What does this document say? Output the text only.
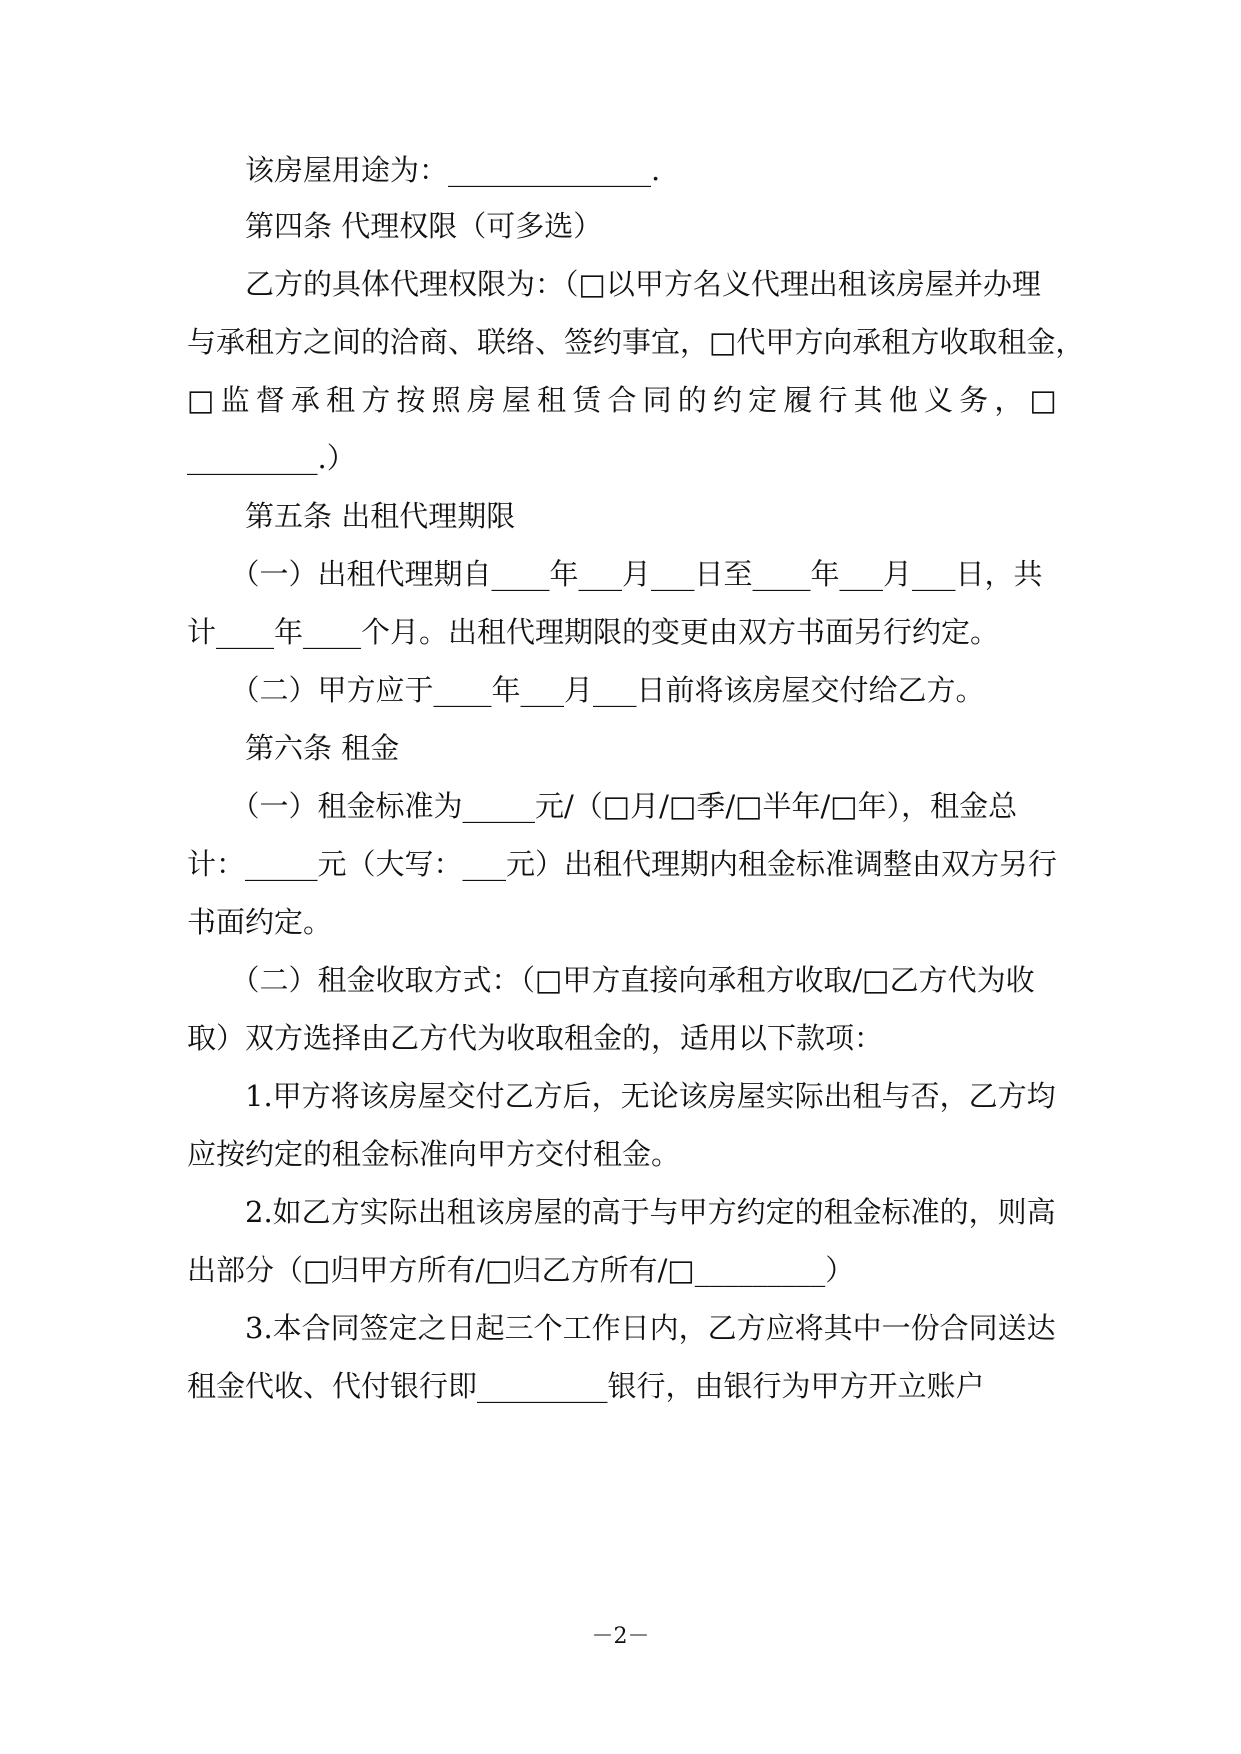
　　该房屋用途为：______________.
　　第四条 代理权限（可多选）
　　乙方的具体代理权限为：（□以甲方名义代理出租该房屋并办理
与承租方之间的洽商、联络、签约事宜，□代甲方向承租方收取租金，
□ 监 督 承 租 方 按 照 房 屋 租 赁 合 同 的 约 定 履 行 其 他 义 务 ， □
_________.）
　　第五条 出租代理期限
　　（一）出租代理期自____年___月___日至____年___月___日，共
计____年____个月。出租代理期限的变更由双方书面另行约定。
　　（二）甲方应于____年___月___日前将该房屋交付给乙方。
　　第六条 租金
　　（一）租金标准为_____元/（□月/□季/□半年/□年），租金总
计：_____元（大写：___元）出租代理期内租金标准调整由双方另行
书面约定。
　　（二）租金收取方式：（□甲方直接向承租方收取/□乙方代为收
取）双方选择由乙方代为收取租金的，适用以下款项：
　　1.甲方将该房屋交付乙方后，无论该房屋实际出租与否，乙方均
应按约定的租金标准向甲方交付租金。
　　2.如乙方实际出租该房屋的高于与甲方约定的租金标准的，则高
出部分（□归甲方所有/□归乙方所有/□_________）
　　3.本合同签定之日起三个工作日内，乙方应将其中一份合同送达
租金代收、代付银行即_________银行，由银行为甲方开立账户
－2－
